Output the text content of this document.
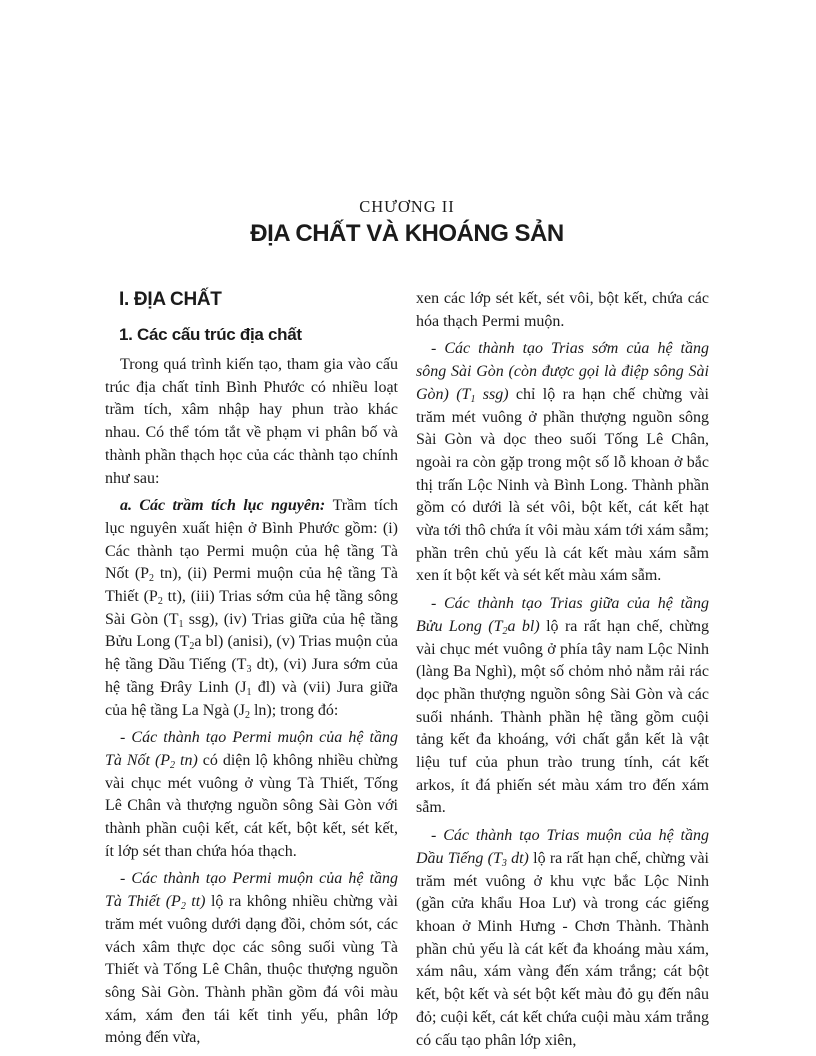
CHƯƠNG II
ĐỊA CHẤT VÀ KHOÁNG SẢN
I. ĐỊA CHẤT
1. Các cấu trúc địa chất

Trong quá trình kiến tạo, tham gia vào cấu trúc địa chất tỉnh Bình Phước có nhiều loạt trầm tích, xâm nhập hay phun trào khác nhau. Có thể tóm tắt về phạm vi phân bố và thành phần thạch học của các thành tạo chính như sau:

a. Các trầm tích lục nguyên: Trầm tích lục nguyên xuất hiện ở Bình Phước gồm: (i) Các thành tạo Permi muộn của hệ tầng Tà Nốt ($P_2$ tn), (ii) Permi muộn của hệ tầng Tà Thiết ($P_2$ tt), (iii) Trias sớm của hệ tầng sông Sài Gòn ($T_1$ ssg), (iv) Trias giữa của hệ tầng Bửu Long ($T_2a$ bl) (anisi), (v) Trias muộn của hệ tầng Dầu Tiếng ($T_3$ dt), (vi) Jura sớm của hệ tầng Đrây Linh ($J_1$ đl) và (vii) Jura giữa của hệ tầng La Ngà ($J_2$ ln); trong đó:

- Các thành tạo Permi muộn của hệ tầng Tà Nốt ($P_2$ tn) có diện lộ không nhiều chừng vài chục mét vuông ở vùng Tà Thiết, Tống Lê Chân và thượng nguồn sông Sài Gòn với thành phần cuội kết, cát kết, bột kết, sét kết, ít lớp sét than chứa hóa thạch.

- Các thành tạo Permi muộn của hệ tầng Tà Thiết ($P_2$ tt) lộ ra không nhiều chừng vài trăm mét vuông dưới dạng đồi, chỏm sót, các vách xâm thực dọc các sông suối vùng Tà Thiết và Tống Lê Chân, thuộc thượng nguồn sông Sài Gòn. Thành phần gồm đá vôi màu xám, xám đen tái kết tinh yếu, phân lớp mỏng đến vừa,

xen các lớp sét kết, sét vôi, bột kết, chứa các hóa thạch Permi muộn.

- Các thành tạo Trias sớm của hệ tầng sông Sài Gòn (còn được gọi là điệp sông Sài Gòn) ($T_1$ ssg) chỉ lộ ra hạn chế chừng vài trăm mét vuông ở phần thượng nguồn sông Sài Gòn và dọc theo suối Tống Lê Chân, ngoài ra còn gặp trong một số lỗ khoan ở bắc thị trấn Lộc Ninh và Bình Long. Thành phần gồm có dưới là sét vôi, bột kết, cát kết hạt vừa tới thô chứa ít vôi màu xám tới xám sẫm; phần trên chủ yếu là cát kết màu xám sẫm xen ít bột kết và sét kết màu xám sẫm.

- Các thành tạo Trias giữa của hệ tầng Bửu Long ($T_2a$ bl) lộ ra rất hạn chế, chừng vài chục mét vuông ở phía tây nam Lộc Ninh (làng Ba Nghì), một số chỏm nhỏ nằm rải rác dọc phần thượng nguồn sông Sài Gòn và các suối nhánh. Thành phần hệ tầng gồm cuội tảng kết đa khoáng, với chất gắn kết là vật liệu tuf của phun trào trung tính, cát kết arkos, ít đá phiến sét màu xám tro đến xám sẫm.

- Các thành tạo Trias muộn của hệ tầng Dầu Tiếng ($T_3$ dt) lộ ra rất hạn chế, chừng vài trăm mét vuông ở khu vực bắc Lộc Ninh (gần cửa khẩu Hoa Lư) và trong các giếng khoan ở Minh Hưng - Chơn Thành. Thành phần chủ yếu là cát kết đa khoáng màu xám, xám nâu, xám vàng đến xám trắng; cát bột kết, bột kết và sét bột kết màu đỏ gụ đến nâu đỏ; cuội kết, cát kết chứa cuội màu xám trắng có cấu tạo phân lớp xiên,
